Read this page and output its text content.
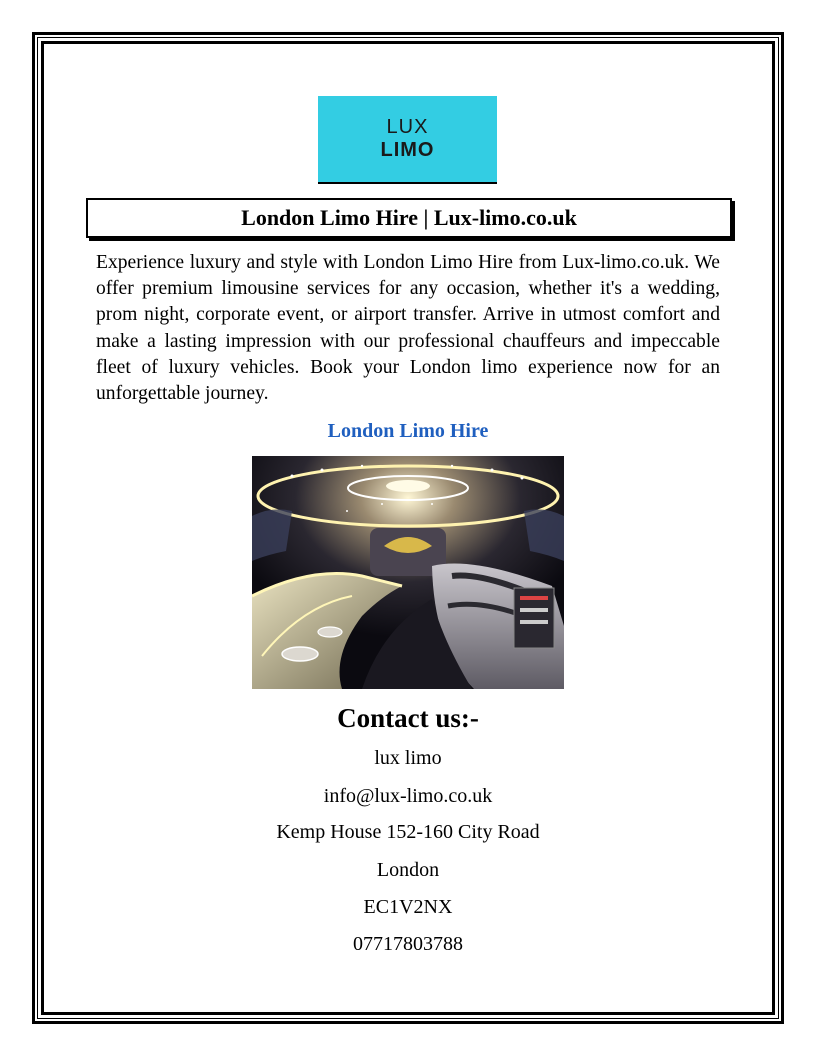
LUX
LIMO
London Limo Hire | Lux-limo.co.uk

Experience luxury and style with London Limo Hire from Lux-limo.co.uk. We offer premium limousine services for any occasion, whether it's a wedding, prom night, corporate event, or airport transfer. Arrive in utmost comfort and make a lasting impression with our professional chauffeurs and impeccable fleet of luxury vehicles. Book your London limo experience now for an unforgettable journey.

London Limo Hire
Contact us:-
lux limo
info@lux-limo.co.uk
Kemp House 152-160 City Road
London
EC1V2NX
07717803788
